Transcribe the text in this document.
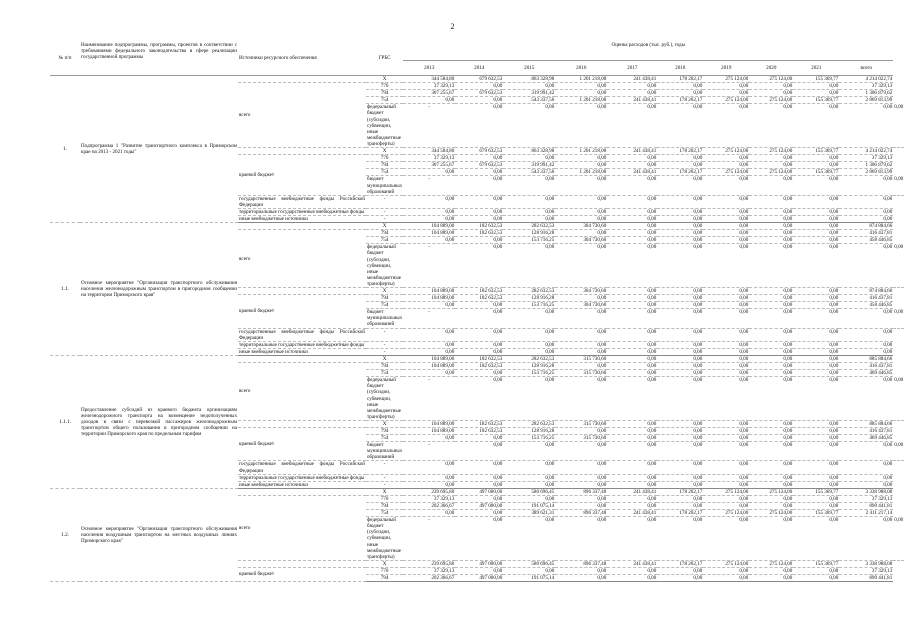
2
№ п/п	Наименование подпрограммы, программы, проектов в соответствии с требованиями федерального законодательства в сфере реализации государственной программы	Источники ресурсного обеспечения	ГРБС	Оценка расходов (тыс. руб.), годы										
				2013	2014	2015	2016	2017	2018	2019	2020	2021	всего	
1.	Подпрограмма 1 "Развитие транспортного комплекса в Приморском крае на 2013 - 2021 годы"		X	344 584,80	679 632,53	863 328,98	1 201 218,08	241 438,41	178 202,17	275 124,00	275 124,00	155 369,77	4 214 022,74	
		всего	770	37 329,13	0,00	0,00	0,00	0,00	0,00	0,00	0,00	0,00	37 329,13	
			794	307 255,67	679 632,53	319 991,42	0,00	0,00	0,00	0,00	0,00	0,00	1 306 879,62	
			754	0,00	0,00	543 337,56	1 201 218,08	241 438,41	178 202,17	275 124,00	275 124,00	155 369,77	2 869 813,99	
			федеральный бюджет (субсидии, субвенции, иные межбюджетные трансферты)	-	0,00	0,00	0,00	0,00	0,00	0,00	0,00	0,00	0,00	0,00
			X	344 584,80	679 632,53	863 328,98	1 201 218,08	241 438,41	178 202,17	275 124,00	275 124,00	155 369,77	4 214 022,74	
		краевой бюджет	770	37 329,13	0,00	0,00	0,00	0,00	0,00	0,00	0,00	0,00	37 329,13	
			794	307 255,67	679 632,53	319 991,42	0,00	0,00	0,00	0,00	0,00	0,00	1 306 879,62	
			754	0,00	0,00	543 337,56	1 201 218,08	241 438,41	178 202,17	275 124,00	275 124,00	155 369,77	2 869 813,99	
			бюджет муниципальных образований	-	0,00	0,00	0,00	0,00	0,00	0,00	0,00	0,00	0,00	0,00
		государственные внебюджетные фонды Российской Федерации	-	0,00	0,00	0,00	0,00	0,00	0,00	0,00	0,00	0,00	0,00	
		территориальные государственные внебюджетные фонды	-	0,00	0,00	0,00	0,00	0,00	0,00	0,00	0,00	0,00	0,00	
		иные внебюджетные источники	-	0,00	0,00	0,00	0,00	0,00	0,00	0,00	0,00	0,00	0,00	
1.1.	Основное мероприятие "Организация транспортного обслуживания населения железнодорожным транспортом в пригородном сообщении на территории Приморского края"		X	104 889,00	182 632,53	282 632,53	304 730,60	0,00	0,00	0,00	0,00	0,00	874 884,66	
		всего	794	104 889,00	182 632,53	128 916,28	0,00	0,00	0,00	0,00	0,00	0,00	416 437,81	
			754	0,00	0,00	153 716,25	304 730,60	0,00	0,00	0,00	0,00	0,00	458 446,85	
			федеральный бюджет (субсидии, субвенции, иные межбюджетные трансферты)	-	0,00	0,00	0,00	0,00	0,00	0,00	0,00	0,00	0,00	0,00
			X	104 889,00	182 632,53	282 632,53	304 730,60	0,00	0,00	0,00	0,00	0,00	874 884,66	
		краевой бюджет	794	104 889,00	182 632,53	128 916,28	0,00	0,00	0,00	0,00	0,00	0,00	416 437,81	
			754	0,00	0,00	153 716,25	304 730,60	0,00	0,00	0,00	0,00	0,00	458 446,85	
			бюджет муниципальных образований	-	0,00	0,00	0,00	0,00	0,00	0,00	0,00	0,00	0,00	0,00
		государственные внебюджетные фонды Российской Федерации	-	0,00	0,00	0,00	0,00	0,00	0,00	0,00	0,00	0,00	0,00	
		территориальные государственные внебюджетные фонды	-	0,00	0,00	0,00	0,00	0,00	0,00	0,00	0,00	0,00	0,00	
		иные внебюджетные источники	-	0,00	0,00	0,00	0,00	0,00	0,00	0,00	0,00	0,00	0,00	
1.1.1.	Предоставление субсидий из краевого бюджета организациям железнодорожного транспорта на возмещение недополученных доходов в связи с перевозкой пассажиров железнодорожным транспортом общего пользования в пригородном сообщении на территории Приморского края по предельным тарифам		X	104 889,00	182 632,53	282 632,53	315 730,60	0,00	0,00	0,00	0,00	0,00	885 884,66	
		всего	794	104 889,00	182 632,53	128 916,28	0,00	0,00	0,00	0,00	0,00	0,00	416 437,81	
			754	0,00	0,00	153 716,25	315 730,60	0,00	0,00	0,00	0,00	0,00	469 446,85	
			федеральный бюджет (субсидии, субвенции, иные межбюджетные трансферты)	-	0,00	0,00	0,00	0,00	0,00	0,00	0,00	0,00	0,00	0,00
			X	104 889,00	182 632,53	282 632,53	315 730,60	0,00	0,00	0,00	0,00	0,00	885 884,66	
		краевой бюджет	794	104 889,00	182 632,53	128 916,28	0,00	0,00	0,00	0,00	0,00	0,00	416 437,81	
			754	0,00	0,00	153 716,25	315 730,60	0,00	0,00	0,00	0,00	0,00	469 446,85	
			бюджет муниципальных образований	-	0,00	0,00	0,00	0,00	0,00	0,00	0,00	0,00	0,00	0,00
		государственные внебюджетные фонды Российской Федерации	-	0,00	0,00	0,00	0,00	0,00	0,00	0,00	0,00	0,00	0,00	
		территориальные государственные внебюджетные фонды	-	0,00	0,00	0,00	0,00	0,00	0,00	0,00	0,00	0,00	0,00	
		иные внебюджетные источники	-	0,00	0,00	0,00	0,00	0,00	0,00	0,00	0,00	0,00	0,00	
1.2.	Основное мероприятие "Организация транспортного обслуживания населения воздушным транспортом на местных воздушных линиях Приморского края"		X	239 695,80	497 000,00	580 696,45	896 337,48	241 438,41	178 202,17	275 124,00	275 124,00	155 369,77	3 338 988,08	
		всего	770	37 329,13	0,00	0,00	0,00	0,00	0,00	0,00	0,00	0,00	37 329,13	
			794	202 366,67	497 000,00	191 075,14	0,00	0,00	0,00	0,00	0,00	0,00	890 441,81	
			754	0,00	0,00	389 621,31	896 337,48	241 438,41	178 202,17	275 124,00	275 124,00	155 369,77	2 411 217,14	
			федеральный бюджет (субсидии, субвенции, иные межбюджетные трансферты)	-	0,00	0,00	0,00	0,00	0,00	0,00	0,00	0,00	0,00	0,00
			X	239 695,80	497 000,00	580 696,45	896 337,48	241 438,41	178 202,17	275 124,00	275 124,00	155 369,77	3 338 988,08	
		краевой бюджет	770	37 329,13	0,00	0,00	0,00	0,00	0,00	0,00	0,00	0,00	37 329,13	
			794	202 366,67	497 000,00	191 075,14	0,00	0,00	0,00	0,00	0,00	0,00	890 441,81	
